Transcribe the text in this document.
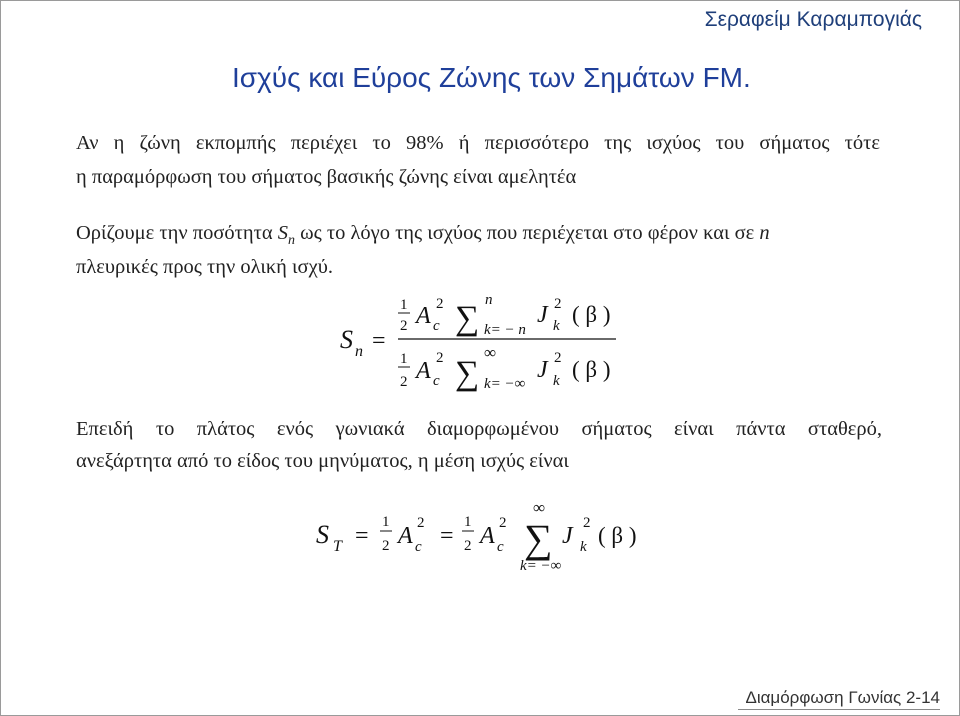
Σεραφείμ Καραμπογιάς
Ισχύς και Εύρος Ζώνης των Σημάτων FM.
Αν η ζώνη εκπομπής περιέχει το 98% ή περισσότερο της ισχύος του σήματος τότε
η παραμόρφωση του σήματος βασικής ζώνης είναι αμελητέα
Ορίζουμε την ποσότητα $S_n$ ως το λόγο της ισχύος που περιέχεται στο φέρον και σε n
πλευρικές προς την ολική ισχύ.
Επειδή το πλάτος ενός γωνιακά διαμορφωμένου σήματος είναι πάντα σταθερό,
ανεξάρτητα από το είδος του μηνύματος, η μέση ισχύς είναι
S n =
1
2 A c
2 ∑ n
k= − n
J 2
k ( β )
1
2 A c
2 ∑
∞
k= −∞
J 2
k ( β )
S T =
1
2 A c
2 =
1
2 A c
2 ∑
∞
k= −∞
J k
2 ( β )
Διαμόρφωση Γωνίας 2-14
